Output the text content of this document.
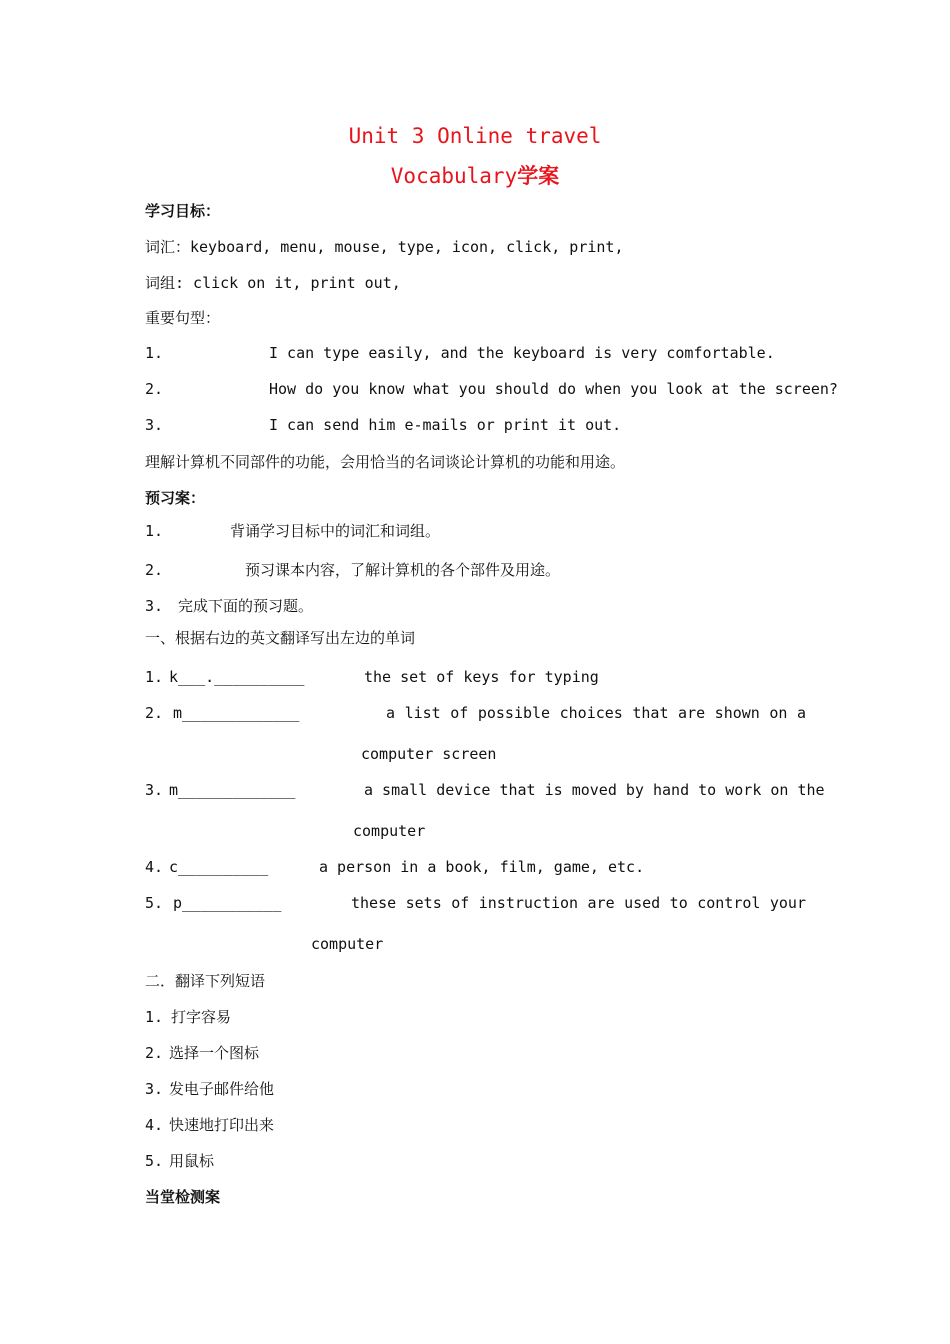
Unit 3 Online travel
Vocabulary学案
学习目标：
词汇：keyboard, menu, mouse, type, icon, click, print,
词组: click on it, print out,
重要句型：
1.	I can type easily, and the keyboard is very comfortable.
2.	How do you know what you should do when you look at the screen?
3.	I can send him e-mails or print it out.
理解计算机不同部件的功能，会用恰当的名词谈论计算机的功能和用途。
预习案：
1.	背诵学习目标中的词汇和词组。
2.	预习课本内容，了解计算机的各个部件及用途。
3. 完成下面的预习题。
一、根据右边的英文翻译写出左边的单词
1. k___.__________	the set of keys for typing
2. m_____________	a list of possible choices that are shown on a
computer screen
3. m_____________	a small device that is moved by hand to work on the
computer
4. c__________	a person in a book, film, game, etc.
5. p___________	these sets of instruction are used to control your
computer
二．翻译下列短语
1. 打字容易
2. 选择一个图标
3. 发电子邮件给他
4. 快速地打印出来
5. 用鼠标
当堂检测案
